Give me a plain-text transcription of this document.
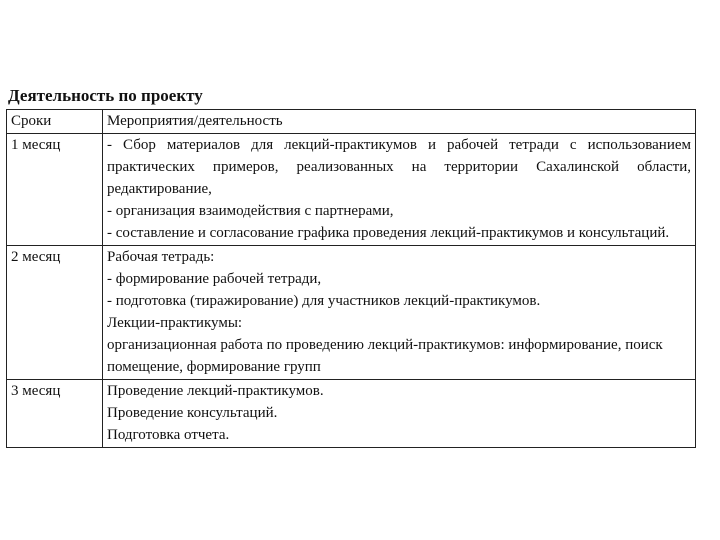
Деятельность по проекту
Сроки	Мероприятия/деятельность
1 месяц	- Сбор материалов для лекций-практикумов и рабочей тетради с использованием практических примеров, реализованных на территории Сахалинской области, редактирование,
- организация взаимодействия с партнерами,
- составление и согласование графика проведения лекций-практикумов и консультаций.

2 месяц	Рабочая тетрадь:
- формирование рабочей тетради,
- подготовка (тиражирование) для участников лекций-практикумов.
Лекции-практикумы:
организационная работа по проведению лекций-практикумов: информирование, поиск помещение, формирование групп

3 месяц	Проведение лекций-практикумов.
Проведение консультаций.
Подготовка отчета.
